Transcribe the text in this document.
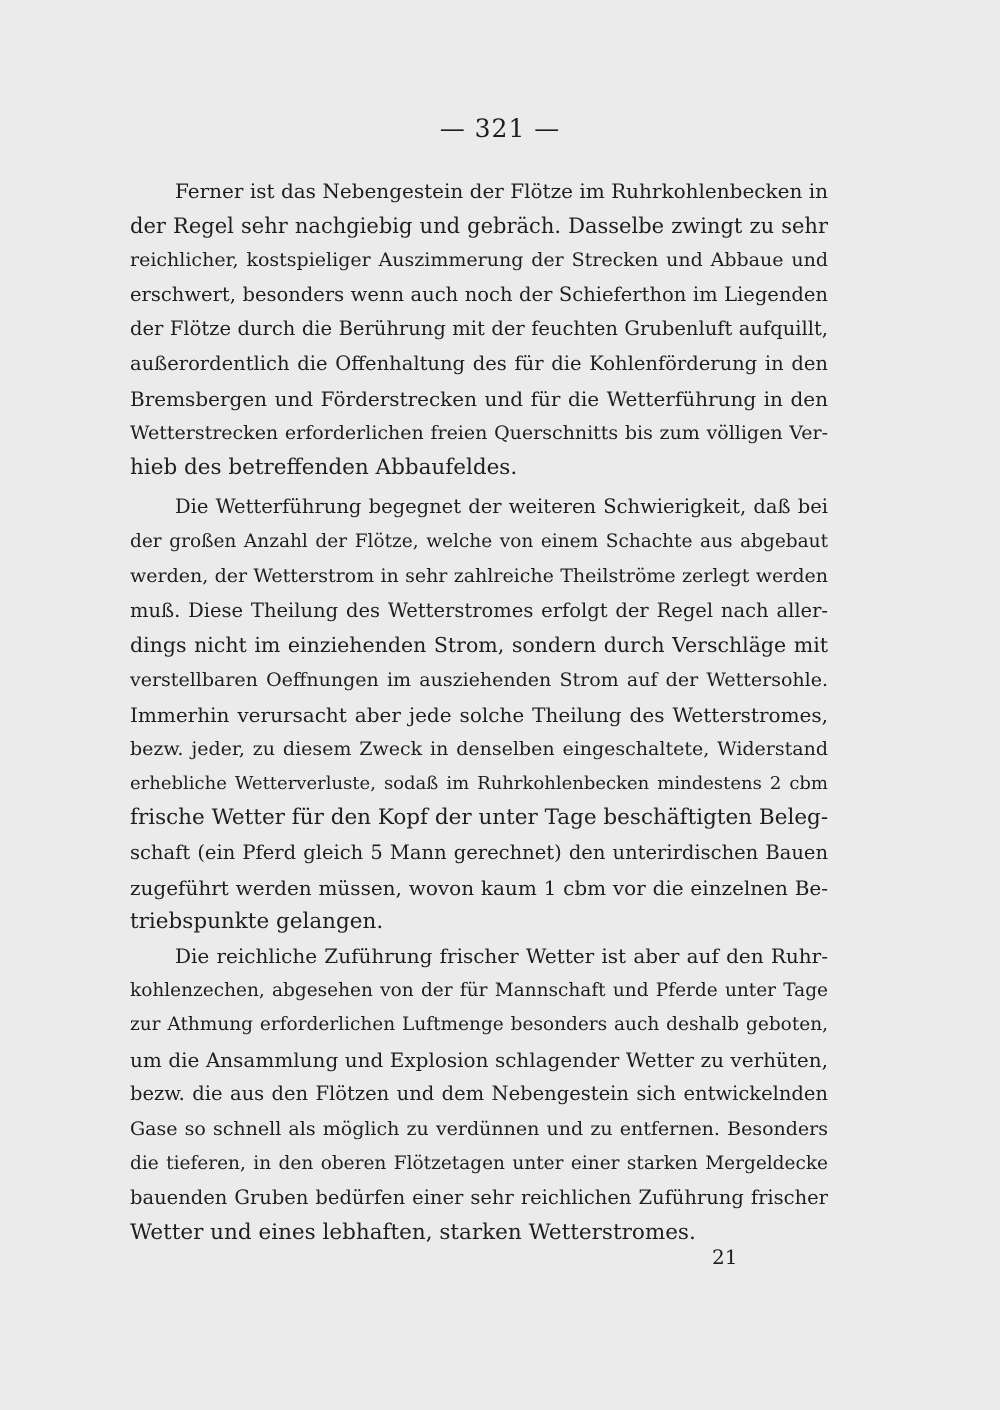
— 321 —
Ferner ist das Nebengestein der Flötze im Ruhrkohlenbecken in
der Regel sehr nachgiebig und gebräch. Dasselbe zwingt zu sehr
reichlicher, kostspieliger Auszimmerung der Strecken und Abbaue und
erschwert, besonders wenn auch noch der Schieferthon im Liegenden
der Flötze durch die Berührung mit der feuchten Grubenluft aufquillt,
außerordentlich die Offenhaltung des für die Kohlenförderung in den
Bremsbergen und Förderstrecken und für die Wetterführung in den
Wetterstrecken erforderlichen freien Querschnitts bis zum völligen Ver-
hieb des betreffenden Abbaufeldes.
Die Wetterführung begegnet der weiteren Schwierigkeit, daß bei
der großen Anzahl der Flötze, welche von einem Schachte aus abgebaut
werden, der Wetterstrom in sehr zahlreiche Theilströme zerlegt werden
muß. Diese Theilung des Wetterstromes erfolgt der Regel nach aller-
dings nicht im einziehenden Strom, sondern durch Verschläge mit
verstellbaren Oeffnungen im ausziehenden Strom auf der Wettersohle.
Immerhin verursacht aber jede solche Theilung des Wetterstromes,
bezw. jeder, zu diesem Zweck in denselben eingeschaltete, Widerstand
erhebliche Wetterverluste, sodaß im Ruhrkohlenbecken mindestens 2 cbm
frische Wetter für den Kopf der unter Tage beschäftigten Beleg-
schaft (ein Pferd gleich 5 Mann gerechnet) den unterirdischen Bauen
zugeführt werden müssen, wovon kaum 1 cbm vor die einzelnen Be-
triebspunkte gelangen.
Die reichliche Zuführung frischer Wetter ist aber auf den Ruhr-
kohlenzechen, abgesehen von der für Mannschaft und Pferde unter Tage
zur Athmung erforderlichen Luftmenge besonders auch deshalb geboten,
um die Ansammlung und Explosion schlagender Wetter zu verhüten,
bezw. die aus den Flötzen und dem Nebengestein sich entwickelnden
Gase so schnell als möglich zu verdünnen und zu entfernen. Besonders
die tieferen, in den oberen Flötzetagen unter einer starken Mergeldecke
bauenden Gruben bedürfen einer sehr reichlichen Zuführung frischer
Wetter und eines lebhaften, starken Wetterstromes.
21
